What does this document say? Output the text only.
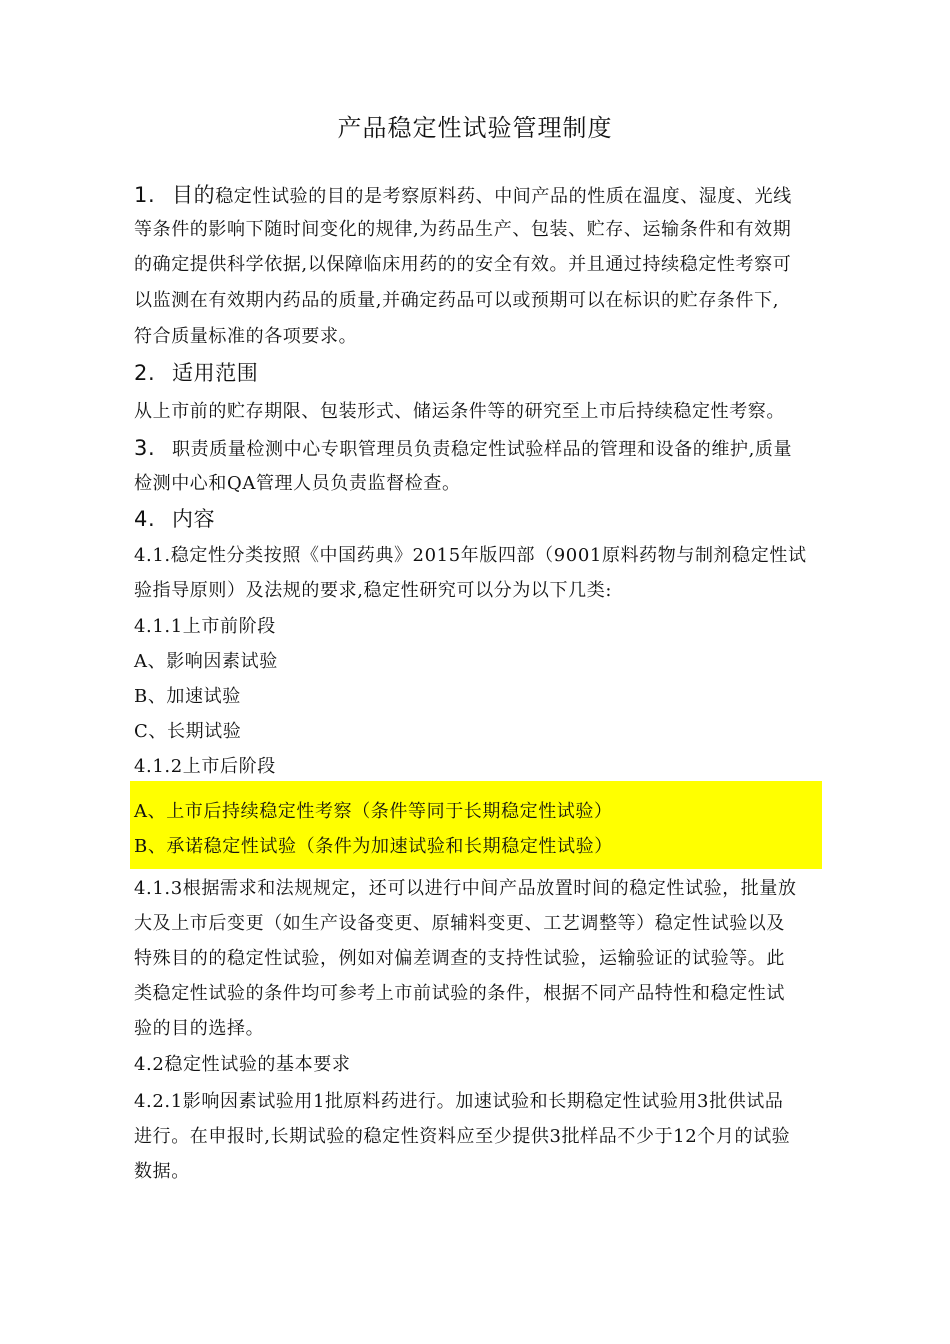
产品稳定性试验管理制度
1. 目的稳定性试验的目的是考察原料药、中间产品的性质在温度、湿度、光线
等条件的影响下随时间变化的规律,为药品生产、包装、贮存、运输条件和有效期
的确定提供科学依据,以保障临床用药的的安全有效。并且通过持续稳定性考察可
以监测在有效期内药品的质量,并确定药品可以或预期可以在标识的贮存条件下,
符合质量标准的各项要求。
2. 适用范围
从上市前的贮存期限、包装形式、储运条件等的研究至上市后持续稳定性考察。
3. 职责质量检测中心专职管理员负责稳定性试验样品的管理和设备的维护,质量
检测中心和QA管理人员负责监督检查。
4. 内容
4.1.稳定性分类按照《中国药典》2015年版四部（9001原料药物与制剂稳定性试
验指导原则）及法规的要求,稳定性研究可以分为以下几类:
4.1.1上市前阶段
A、影响因素试验
B、加速试验
C、长期试验
4.1.2上市后阶段
A、上市后持续稳定性考察（条件等同于长期稳定性试验）
B、承诺稳定性试验（条件为加速试验和长期稳定性试验）
4.1.3根据需求和法规规定，还可以进行中间产品放置时间的稳定性试验，批量放
大及上市后变更（如生产设备变更、原辅料变更、工艺调整等）稳定性试验以及
特殊目的的稳定性试验，例如对偏差调查的支持性试验，运输验证的试验等。此
类稳定性试验的条件均可参考上市前试验的条件，根据不同产品特性和稳定性试
验的目的选择。
4.2稳定性试验的基本要求
4.2.1影响因素试验用1批原料药进行。加速试验和长期稳定性试验用3批供试品
进行。在申报时,长期试验的稳定性资料应至少提供3批样品不少于12个月的试验
数据。
